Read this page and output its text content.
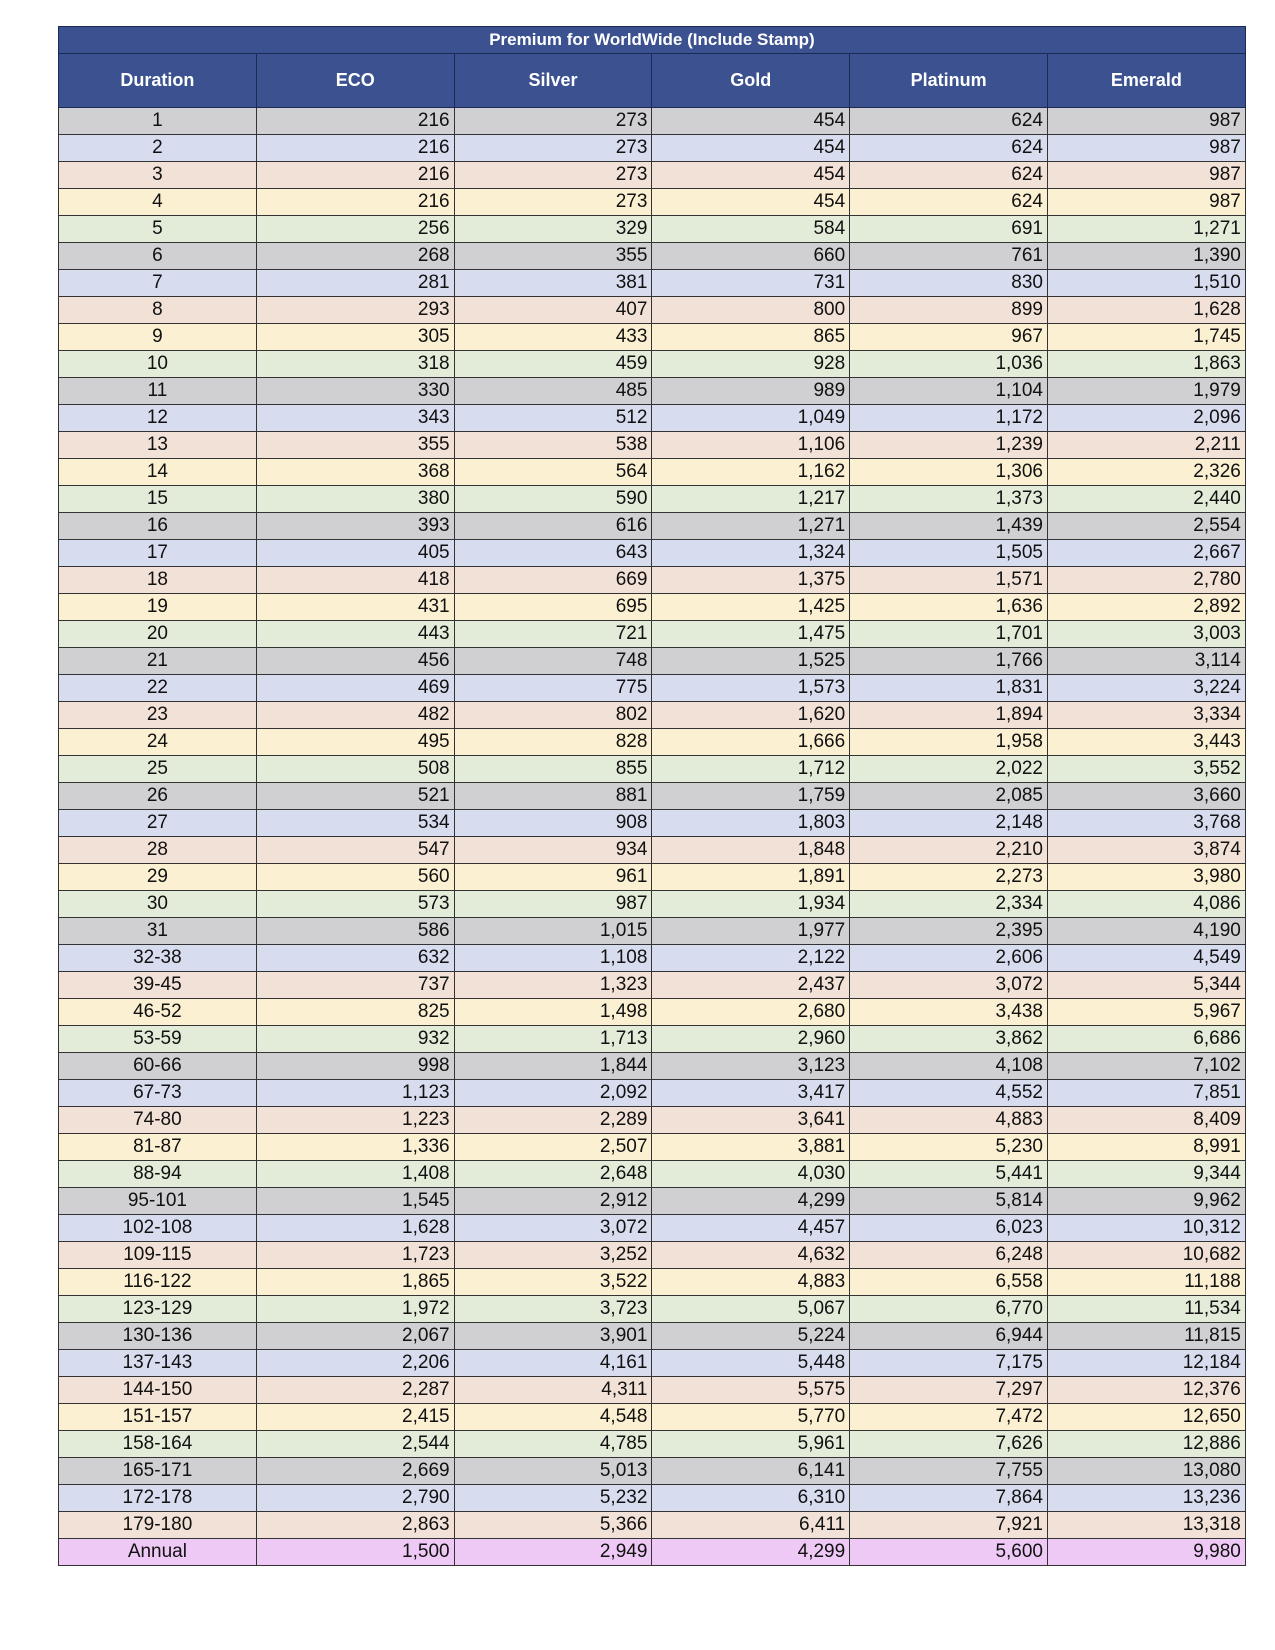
Premium for WorldWide (Include Stamp)					
Duration	ECO	Silver	Gold	Platinum	Emerald
1	216	273	454	624	987
2	216	273	454	624	987
3	216	273	454	624	987
4	216	273	454	624	987
5	256	329	584	691	1,271
6	268	355	660	761	1,390
7	281	381	731	830	1,510
8	293	407	800	899	1,628
9	305	433	865	967	1,745
10	318	459	928	1,036	1,863
11	330	485	989	1,104	1,979
12	343	512	1,049	1,172	2,096
13	355	538	1,106	1,239	2,211
14	368	564	1,162	1,306	2,326
15	380	590	1,217	1,373	2,440
16	393	616	1,271	1,439	2,554
17	405	643	1,324	1,505	2,667
18	418	669	1,375	1,571	2,780
19	431	695	1,425	1,636	2,892
20	443	721	1,475	1,701	3,003
21	456	748	1,525	1,766	3,114
22	469	775	1,573	1,831	3,224
23	482	802	1,620	1,894	3,334
24	495	828	1,666	1,958	3,443
25	508	855	1,712	2,022	3,552
26	521	881	1,759	2,085	3,660
27	534	908	1,803	2,148	3,768
28	547	934	1,848	2,210	3,874
29	560	961	1,891	2,273	3,980
30	573	987	1,934	2,334	4,086
31	586	1,015	1,977	2,395	4,190
32-38	632	1,108	2,122	2,606	4,549
39-45	737	1,323	2,437	3,072	5,344
46-52	825	1,498	2,680	3,438	5,967
53-59	932	1,713	2,960	3,862	6,686
60-66	998	1,844	3,123	4,108	7,102
67-73	1,123	2,092	3,417	4,552	7,851
74-80	1,223	2,289	3,641	4,883	8,409
81-87	1,336	2,507	3,881	5,230	8,991
88-94	1,408	2,648	4,030	5,441	9,344
95-101	1,545	2,912	4,299	5,814	9,962
102-108	1,628	3,072	4,457	6,023	10,312
109-115	1,723	3,252	4,632	6,248	10,682
116-122	1,865	3,522	4,883	6,558	11,188
123-129	1,972	3,723	5,067	6,770	11,534
130-136	2,067	3,901	5,224	6,944	11,815
137-143	2,206	4,161	5,448	7,175	12,184
144-150	2,287	4,311	5,575	7,297	12,376
151-157	2,415	4,548	5,770	7,472	12,650
158-164	2,544	4,785	5,961	7,626	12,886
165-171	2,669	5,013	6,141	7,755	13,080
172-178	2,790	5,232	6,310	7,864	13,236
179-180	2,863	5,366	6,411	7,921	13,318
Annual	1,500	2,949	4,299	5,600	9,980
